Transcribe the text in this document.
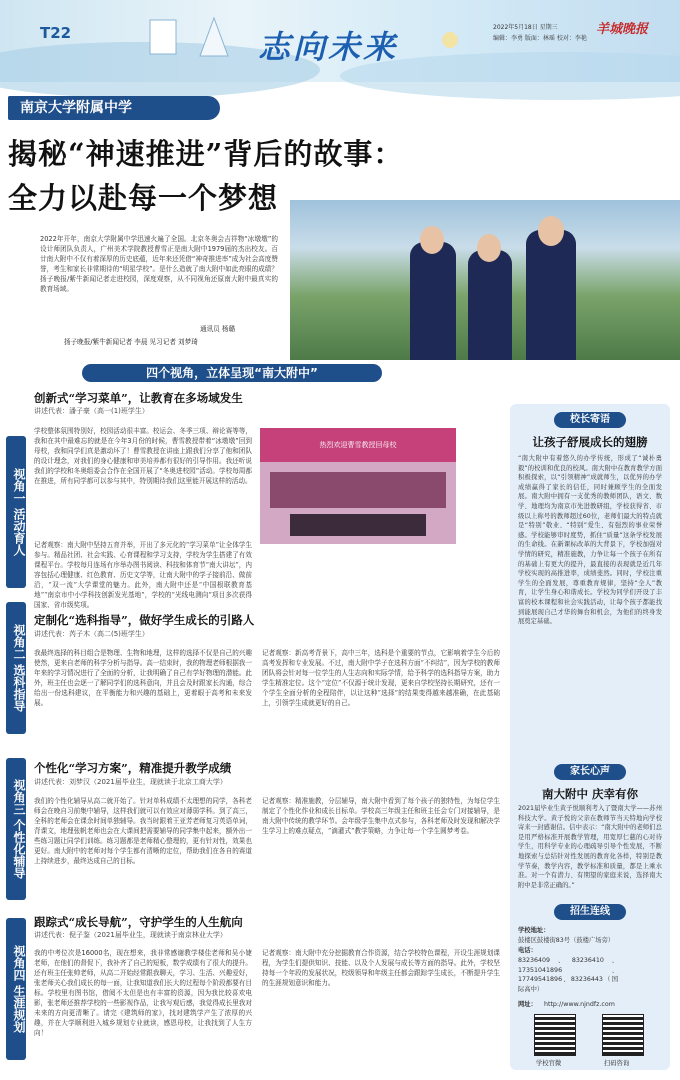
T22	志向未来
2022年5月18日 星期三	羊城晚报
编辑：李勇 版面：林瑶 校对：李艳
南京大学附属中学
揭秘“神速推进”背后的故事：
全力以赴每一个梦想
2022年开年，南京大学附属中学迅速火遍了全国。北京冬奥会吉祥物“冰墩墩”的设计师团队负责人，广州美术学院教授曹雪正是南大附中1979届的杰出校友。百廿南大附中不仅有着深厚的历史底蕴，近年来还凭借“神奇推进率”成为社会高度赞誉，考生和家长非常期待的“明星学校”。是什么造就了南大附中如此亮眼的成绩？扬子晚报/紫牛新闻记者走进校园，深度观察，从不同视角还原南大附中最真实的教育场域。
通讯员 杨璐
扬子晚报/紫牛新闻记者 李晨 见习记者 刘梦琦
四个视角，立体呈现“南大附中”
视角一 活动育人
视角二 选科指导
视角三 个性化辅导
视角四 生涯规划
创新式“学习菜单”，让教育在多场域发生
讲述代表：潘子豪（高一(1)班学生）
学校整体氛围特别好，校园活动很丰富。校运会、冬季三项、辩论赛等等，我和在其中最难忘的就是在今年3月份的时候，曹雪教授带着“冰墩墩”回到母校，我和同学们真是激动坏了！曹雪教授在讲座上跟我们分享了他和团队的设计理念，对我们的身心健康和审美培养都有很好的引导作用。我还听说我们的学校和冬奥组委会合作在全国开展了“冬奥进校园”活动。学校每周都在推进，所有同学都可以参与其中，特别期待我们这里能开展这样的活动。
记者观察：南大附中坚持五育并举，开出了多元化的“学习菜单”让全体学生参与。精品社团、社会实践、心育课程和学习支持，学校为学生搭建了有效课程平台。学校每月连场有序举办图书阅读、科技和体育节“南大讲坛”，内容包括心理健康、红色教育、历史文学等，让南大附中的学子接前沿、做前沿，“双一流”大学课堂的魅力。此外，南大附中还是“中国根联教育基地”“南京市中小学科技创新发光基地”，学校的“光线电测向”项目多次获得国家、省市级奖项。
热烈欢迎曹雪教授回母校
定制化“选科指导”，做好学生成长的引路人
讲述代表：芮子木（高二(5)班学生）
我最终选择的科目组合是物理、生物和地理，这样的选择不仅是自己的兴趣使然，更来自老师的科学分析与指导。高一结束时，我的物理老师根据我一年来的学习情况进行了全面的分析，让我明确了自己有学好物理的潜能。此外，班主任也会逐一了解同学们的选科意向，并且会及时跟家长沟通，综合给出一份选科建议，在平衡能力和兴趣的基础上，更着眼于高考和未来发展。
记者观察：新高考背景下，高中三年，选科是个重要的节点，它影响着学生今后的高考发挥和专业发展。不过，南大附中学子在选科方面“不纠结”，因为学校的教师团队将会针对每一位学生的人生志向和实际学情，给予科学的选科指导方案，助力学生精准定位。这个“定位”不仅源于统计发现，更来自学校坚持长期研究，还有一个学生全面分析的全程陪伴，以让这种“选择”的结果变得越来越准确，在此基础上，引领学生成就更好的自己。
个性化“学习方案”，精准提升教学成绩
讲述代表：刘梦汉（2021届毕业生，现就读于北京工商大学）
我们的个性化辅导从高二就开始了。针对单科成绩不太理想的同学，各科老师会在晚自习前集中辅导，这样我们就可以有效应对薄弱学科。到了高三，全科的老师会在课余时间单独辅导。我当时跟着王亚芳老师复习英语单词，背课文，地理张帆老师也会在大课间把需要辅导的同学集中起来，额外出一些练习题让同学们训练。练习题都是老师精心整理的，更有针对性，效果也更好。南大附中的老师对每个学生都有清晰的定位，帮助我们在各自的赛道上持续进步，最终达成自己的目标。
记者观察：精准施教，分层辅导，南大附中看到了每个孩子的独特性，为每位学生制定了个性化作业和成长目标单。学校高三年级主任和班主任会专门对接辅导，是南大附中传统的教学环节。会年级学生集中点式参与，各科老师及时发现和解决学生学习上的难点疑点，“滴灌式”教学策略，力争让每一个学生圆梦考卷。
跟踪式“成长导航”，守护学生的人生航向
讲述代表：倪子鉴（2021届毕业生，现就读于南京林业大学）
我的中考位次是16000名，现在想来，我非常感谢教学楼佳老师和吴小婕老师，在他们的督促下，我补齐了自己的短板，数学成绩有了很大的提升。还有班主任张帅老师，从高二开始经常跟我聊天，学习、生活、兴趣爱好，张老师关心我们成长的每一面，让我知道我们长大的过程每个阶段都要有目标。学校里有图书馆，借阅不太但是也有丰富的资源，因为我比较喜欢电影，张老师还推荐学校的一些影视作品，让我写观后感，我觉得成长里我对未来的方向更清晰了。请完《建筑师的家》，找对建筑学产生了浓厚的兴趣，并在大学顺利进入城乡规划专业就读，感恩母校，让我找到了人生方向！
记者观察：南大附中充分挖掘教育合作资源，结合学校特色课程，开设生涯规划课程，为学生们提供知识、技能、以及个人发展与成长等方面的指导。此外，学校坚持每一个年段的发展状况，校级领导和年级主任都会跟踪学生成长，不断提升学生的生涯规划意识和能力。
校长寄语
让孩子舒展成长的翅膀
“南大附中有着悠久的办学传统，形成了“诚朴勇毅”的校训和优良的校风。南大附中在教育教学方面积极探索，以“引领精神”成就师生，以优异的办学成绩赢得了家长的信任，同时兼顾学生的全面发展。南大附中拥有一支优秀的教师团队，语文、数学、地理均为南京市先进教研组，学校获得省、市级以上称号的教师超过60位，老师们最大的特点就是“特别”敬业、“特别”爱生、有强烈的事业荣誉感。学校能够审时度势，抓住“质量”这条学校发展的生命线。在新课标改革的大背景下，学校加强对学情的研究，精准施教，力争让每一个孩子在所有的基础上有更大的提升，最直接的表现就是近几年学校实现的高推进率，成绩斐然。同时，学校注重学生的全面发展，尊重教育规律，坚持“全人”教育，让学生身心和谐成长。学校为同学们开设了丰富的校本课程和社会实践活动，让每个孩子都能找到能展现自己才华的舞台和机会，为他们的终身发展奠定基础。
家长心声
南大附中 庆幸有你
2021届毕业生黄子悦顺利考入了暨南大学——苏州科技大学。黄子悦的父亲在教师节当天特地向学校寄来一封感谢信。信中表示：“南大附中的老师们总是用严格标准开展教学管理，用宽厚仁慈的心对待学生，用科学专业的心理疏导引导个性发展，不断地探索与总结针对性发展的教育化各样，特别是教学节奏，教学内容，教学标准和质量，都是上乘水准。对一个有潜力、有期望的家庭来说，选择南大附中是非常正确的。”
招生连线
学校地址：
鼓楼区鼓楼街83号（鼓楼广场旁）
电话：
83236409、83236410、17351041896、17749541896、83236443（国际高中）
网址：	http://www.njndfz.com
学校官微	扫码咨询
